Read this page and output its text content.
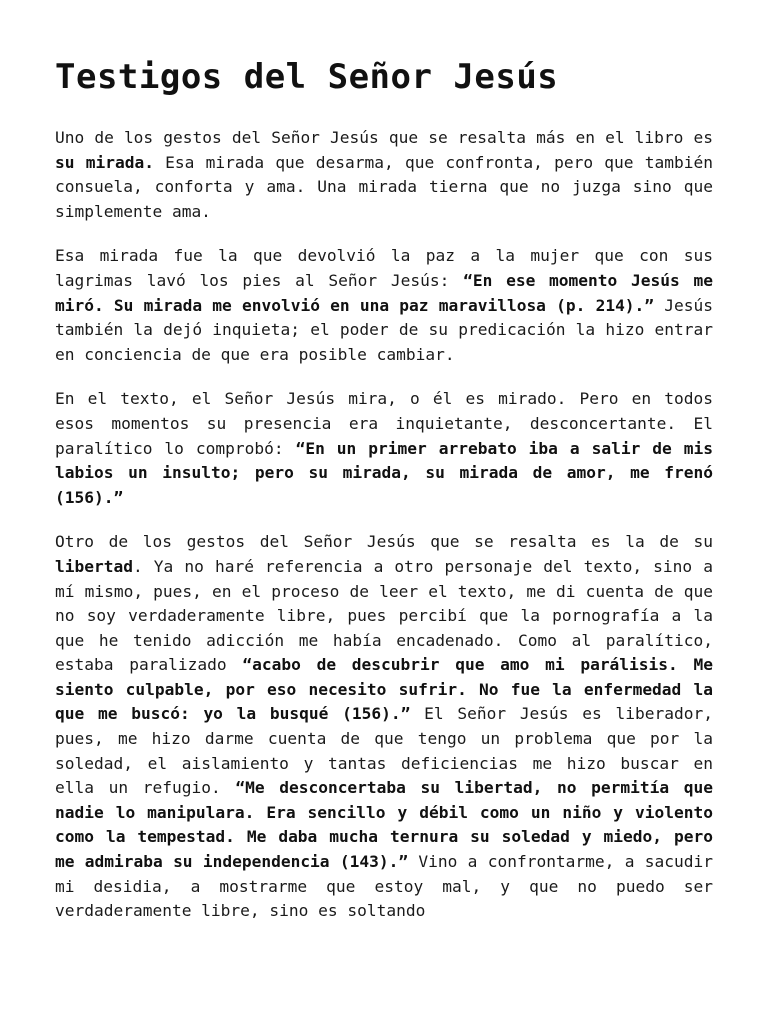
Testigos del Señor Jesús

Uno de los gestos del Señor Jesús que se resalta más en el libro es su mirada. Esa mirada que desarma, que confronta, pero que también consuela, conforta y ama. Una mirada tierna que no juzga sino que simplemente ama.

Esa mirada fue la que devolvió la paz a la mujer que con sus lagrimas lavó los pies al Señor Jesús: “En ese momento Jesús me miró. Su mirada me envolvió en una paz maravillosa (p. 214).” Jesús también la dejó inquieta; el poder de su predicación la hizo entrar en conciencia de que era posible cambiar.

En el texto, el Señor Jesús mira, o él es mirado. Pero en todos esos momentos su presencia era inquietante, desconcertante. El paralítico lo comprobó: “En un primer arrebato iba a salir de mis labios un insulto; pero su mirada, su mirada de amor, me frenó (156).”

Otro de los gestos del Señor Jesús que se resalta es la de su libertad. Ya no haré referencia a otro personaje del texto, sino a mí mismo, pues, en el proceso de leer el texto, me di cuenta de que no soy verdaderamente libre, pues percibí que la pornografía a la que he tenido adicción me había encadenado. Como al paralítico, estaba paralizado “acabo de descubrir que amo mi parálisis. Me siento culpable, por eso necesito sufrir. No fue la enfermedad la que me buscó: yo la busqué (156).” El Señor Jesús es liberador, pues, me hizo darme cuenta de que tengo un problema que por la soledad, el aislamiento y tantas deficiencias me hizo buscar en ella un refugio. “Me desconcertaba su libertad, no permitía que nadie lo manipulara. Era sencillo y débil como un niño y violento como la tempestad. Me daba mucha ternura su soledad y miedo, pero me admiraba su independencia (143).” Vino a confrontarme, a sacudir mi desidia, a mostrarme que estoy mal, y que no puedo ser verdaderamente libre, sino es soltando
